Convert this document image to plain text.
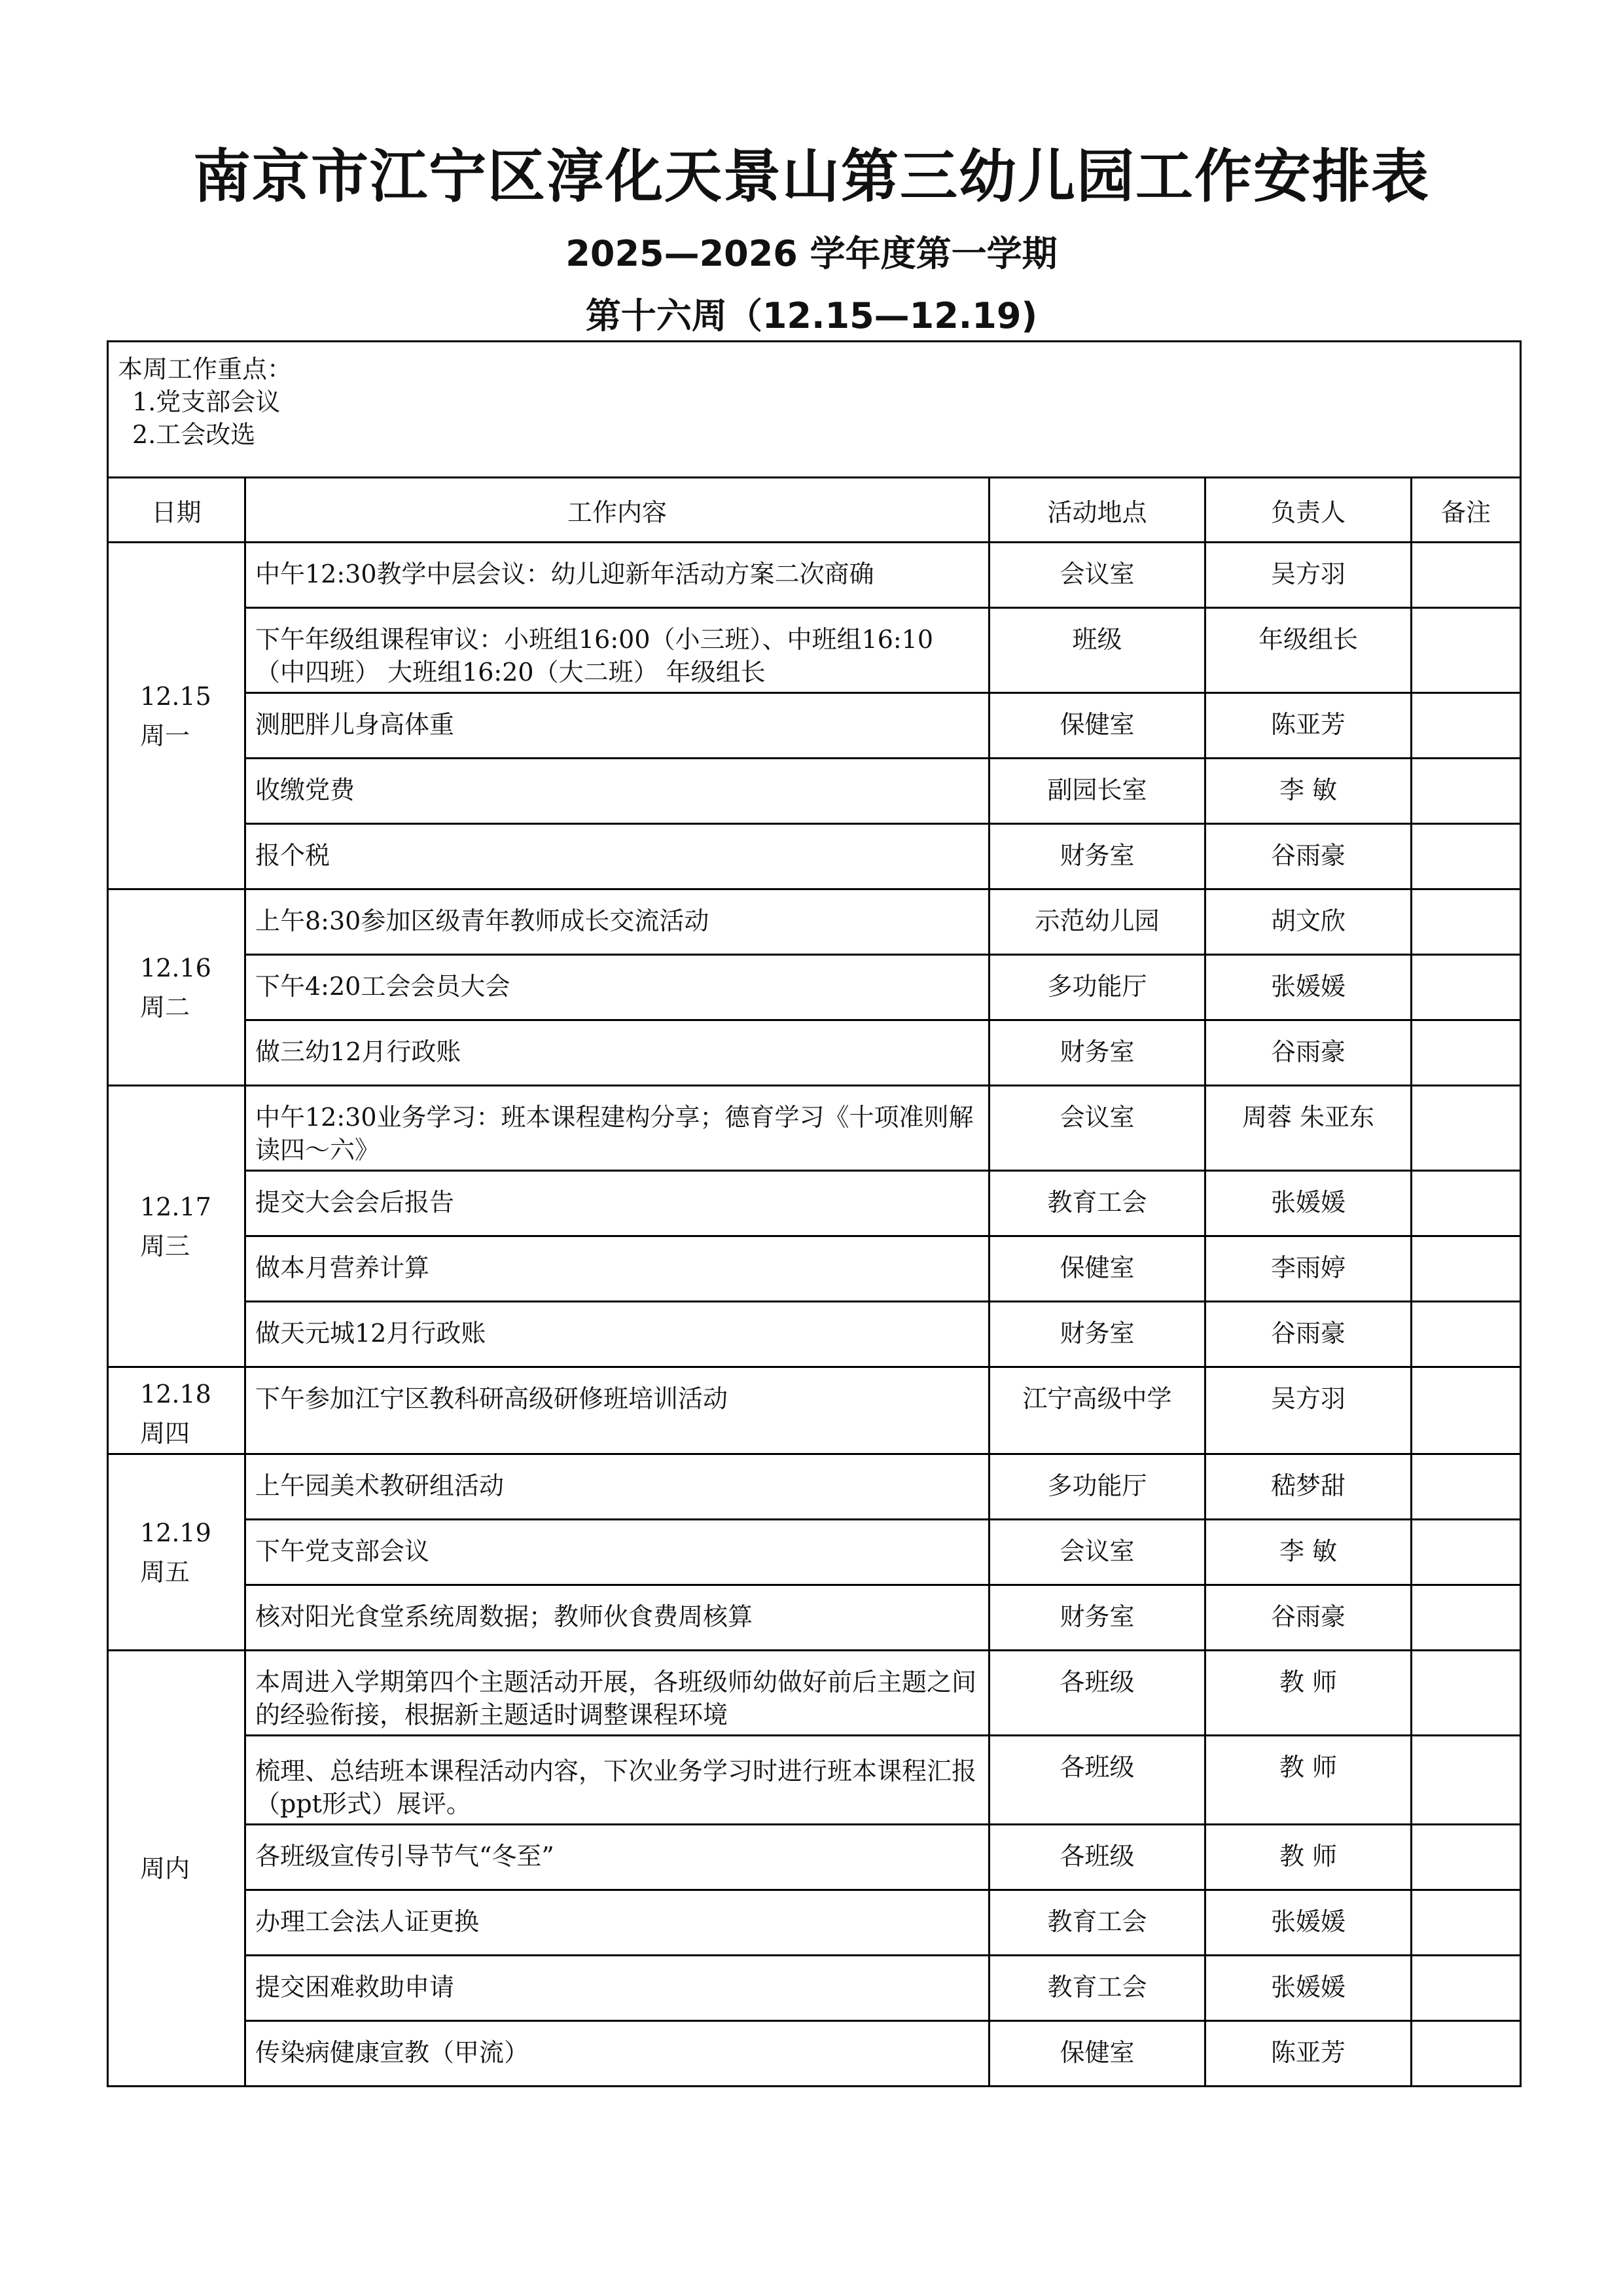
南京市江宁区淳化天景山第三幼儿园工作安排表
2025—2026 学年度第一学期
第十六周（12.15—12.19)
本周工作重点：
1.党支部会议
2.工会改选				

日期	工作内容	活动地点	负责人	备注

12.15
周一	中午12:30教学中层会议：幼儿迎新年活动方案二次商确	会议室	吴方羽	
	下午年级组课程审议：小班组16:00（小三班）、中班组16:10（中四班） 大班组16:20（大二班） 年级组长	班级	年级组长	
	测肥胖儿身高体重	保健室	陈亚芳	
	收缴党费	副园长室	李 敏	
	报个税	财务室	谷雨豪	

12.16
周二	上午8:30参加区级青年教师成长交流活动	示范幼儿园	胡文欣	
	下午4:20工会会员大会	多功能厅	张媛媛	
	做三幼12月行政账	财务室	谷雨豪	

12.17
周三	中午12:30业务学习：班本课程建构分享；德育学习《十项准则解读四～六》	会议室	周蓉 朱亚东	
	提交大会会后报告	教育工会	张媛媛	
	做本月营养计算	保健室	李雨婷	
	做天元城12月行政账	财务室	谷雨豪	

12.18
周四	下午参加江宁区教科研高级研修班培训活动	江宁高级中学	吴方羽	

12.19
周五	上午园美术教研组活动	多功能厅	嵇梦甜	
	下午党支部会议	会议室	李 敏	
	核对阳光食堂系统周数据；教师伙食费周核算	财务室	谷雨豪	

周内	本周进入学期第四个主题活动开展，各班级师幼做好前后主题之间的经验衔接，根据新主题适时调整课程环境	各班级	教 师	
	梳理、总结班本课程活动内容，下次业务学习时进行班本课程汇报（ppt形式）展评。	各班级	教 师	
	各班级宣传引导节气“冬至”	各班级	教 师	
	办理工会法人证更换	教育工会	张媛媛	
	提交困难救助申请	教育工会	张媛媛	
	传染病健康宣教（甲流）	保健室	陈亚芳	
